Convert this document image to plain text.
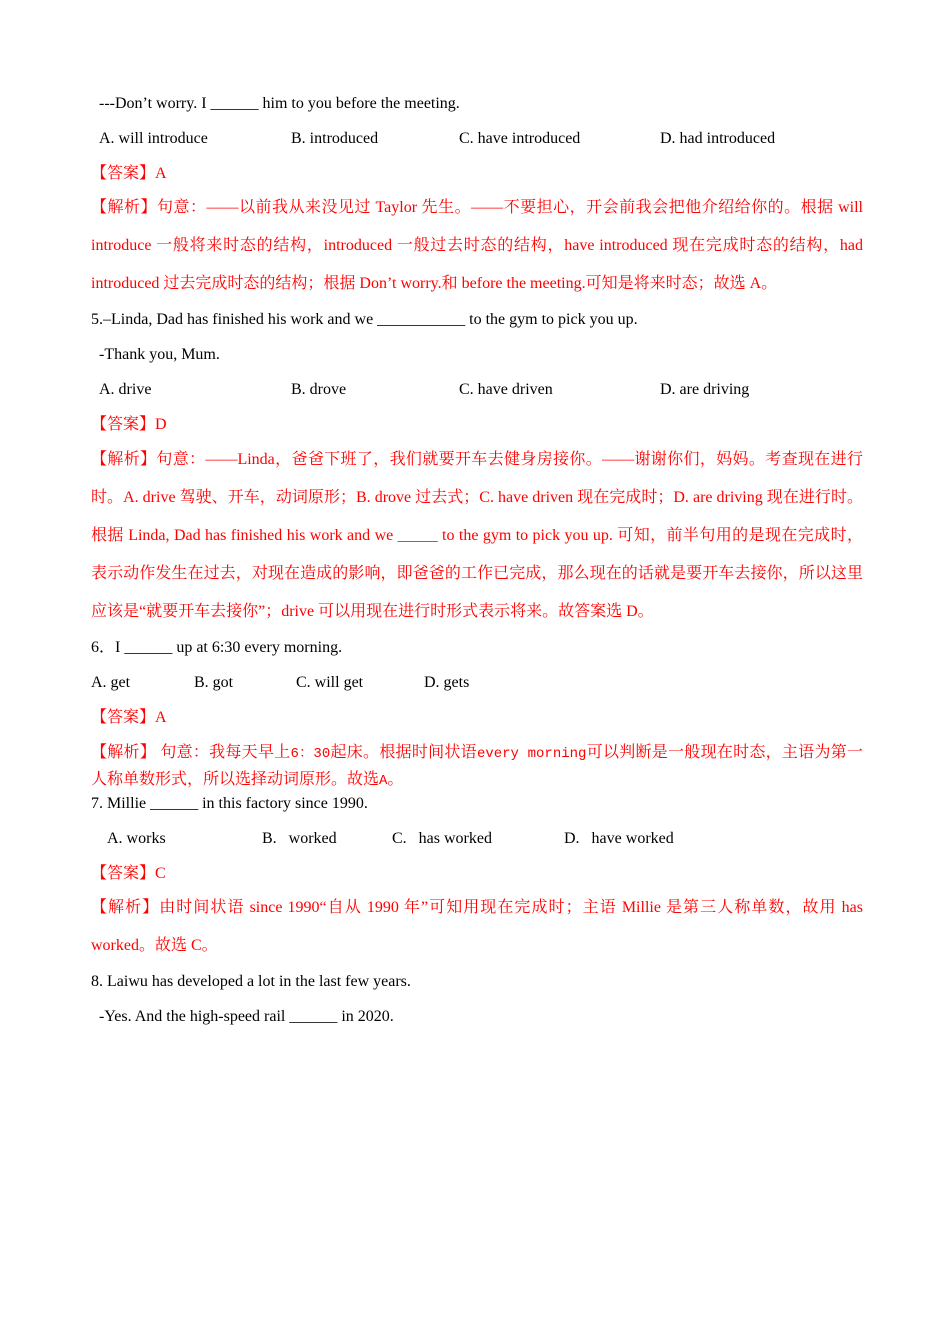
---Don’t worry. I ______ him to you before the meeting.
A. will introduce	B. introduced	C. have introduced	D. had introduced
【答案】A
【解析】句意：——以前我从来没见过 Taylor 先生。——不要担心，开会前我会把他介绍给你的。根据 will introduce 一般将来时态的结构，introduced 一般过去时态的结构，have introduced 现在完成时态的结构，had introduced 过去完成时态的结构；根据 Don’t worry.和 before the meeting.可知是将来时态；故选 A。
5.–Linda, Dad has finished his work and we ___________ to the gym to pick you up.
-Thank you, Mum.
A. drive	B. drove	C. have driven	D. are driving
【答案】D
【解析】句意：——Linda，爸爸下班了，我们就要开车去健身房接你。——谢谢你们，妈妈。考查现在进行时。A. drive 驾驶、开车，动词原形；B. drove 过去式；C. have driven 现在完成时；D. are driving 现在进行时。根据 Linda, Dad has finished his work and we _____ to the gym to pick you up. 可知，前半句用的是现在完成时，表示动作发生在过去，对现在造成的影响，即爸爸的工作已完成，那么现在的话就是要开车去接你，所以这里应该是“就要开车去接你”；drive 可以用现在进行时形式表示将来。故答案选 D。
6．I ______ up at 6:30 every morning.
A. get	B. got	C. will get	D. gets
【答案】A
【解析】 句意：我每天早上6：30起床。根据时间状语every morning可以判断是一般现在时态，主语为第一人称单数形式，所以选择动词原形。故选A。
7. Millie ______ in this factory since 1990.
A. works	B.   worked	C.   has worked	D.   have worked
【答案】C
【解析】由时间状语 since 1990“自从 1990 年”可知用现在完成时；主语 Millie 是第三人称单数，故用 has worked。故选 C。
8. Laiwu has developed a lot in the last few years.
-Yes. And the high-speed rail ______ in 2020.
